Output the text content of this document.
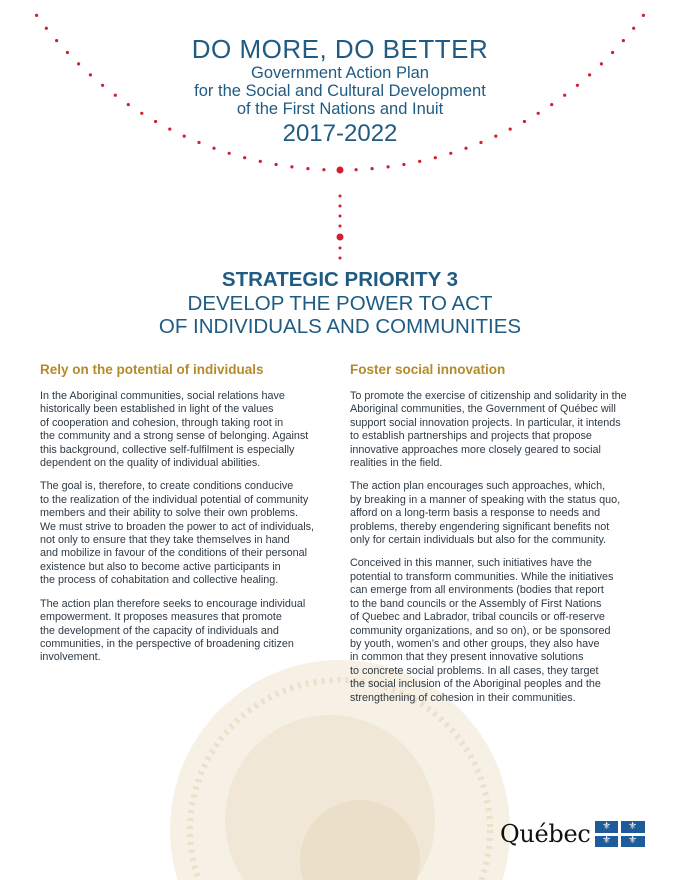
DO MORE, DO BETTER
Government Action Plan
for the Social and Cultural Development
of the First Nations and Inuit
2017-2022
STRATEGIC PRIORITY 3
DEVELOP THE POWER TO ACT
OF INDIVIDUALS AND COMMUNITIES
Rely on the potential of individuals

In the Aboriginal communities, social relations have
historically been established in light of the values
of cooperation and cohesion, through taking root in
the community and a strong sense of belonging. Against
this background, collective self-fulfilment is especially
dependent on the quality of individual abilities.

The goal is, therefore, to create conditions conducive
to the realization of the individual potential of community
members and their ability to solve their own problems.
We must strive to broaden the power to act of individuals,
not only to ensure that they take themselves in hand
and mobilize in favour of the conditions of their personal
existence but also to become active participants in
the process of cohabitation and collective healing.

The action plan therefore seeks to encourage individual
empowerment. It proposes measures that promote
the development of the capacity of individuals and
communities, in the perspective of broadening citizen
involvement.

Foster social innovation

To promote the exercise of citizenship and solidarity in the
Aboriginal communities, the Government of Québec will
support social innovation projects. In particular, it intends
to establish partnerships and projects that propose
innovative approaches more closely geared to social
realities in the field.

The action plan encourages such approaches, which,
by breaking in a manner of speaking with the status quo,
afford on a long-term basis a response to needs and
problems, thereby engendering significant benefits not
only for certain individuals but also for the community.

Conceived in this manner, such initiatives have the
potential to transform communities. While the initiatives
can emerge from all environments (bodies that report
to the band councils or the Assembly of First Nations
of Quebec and Labrador, tribal councils or off-reserve
community organizations, and so on), or be sponsored
by youth, women’s and other groups, they also have
in common that they present innovative solutions
to concrete social problems. In all cases, they target
the social inclusion of the Aboriginal peoples and the
strengthening of cohesion in their communities.

Québec	⚜	⚜
⚜	⚜
